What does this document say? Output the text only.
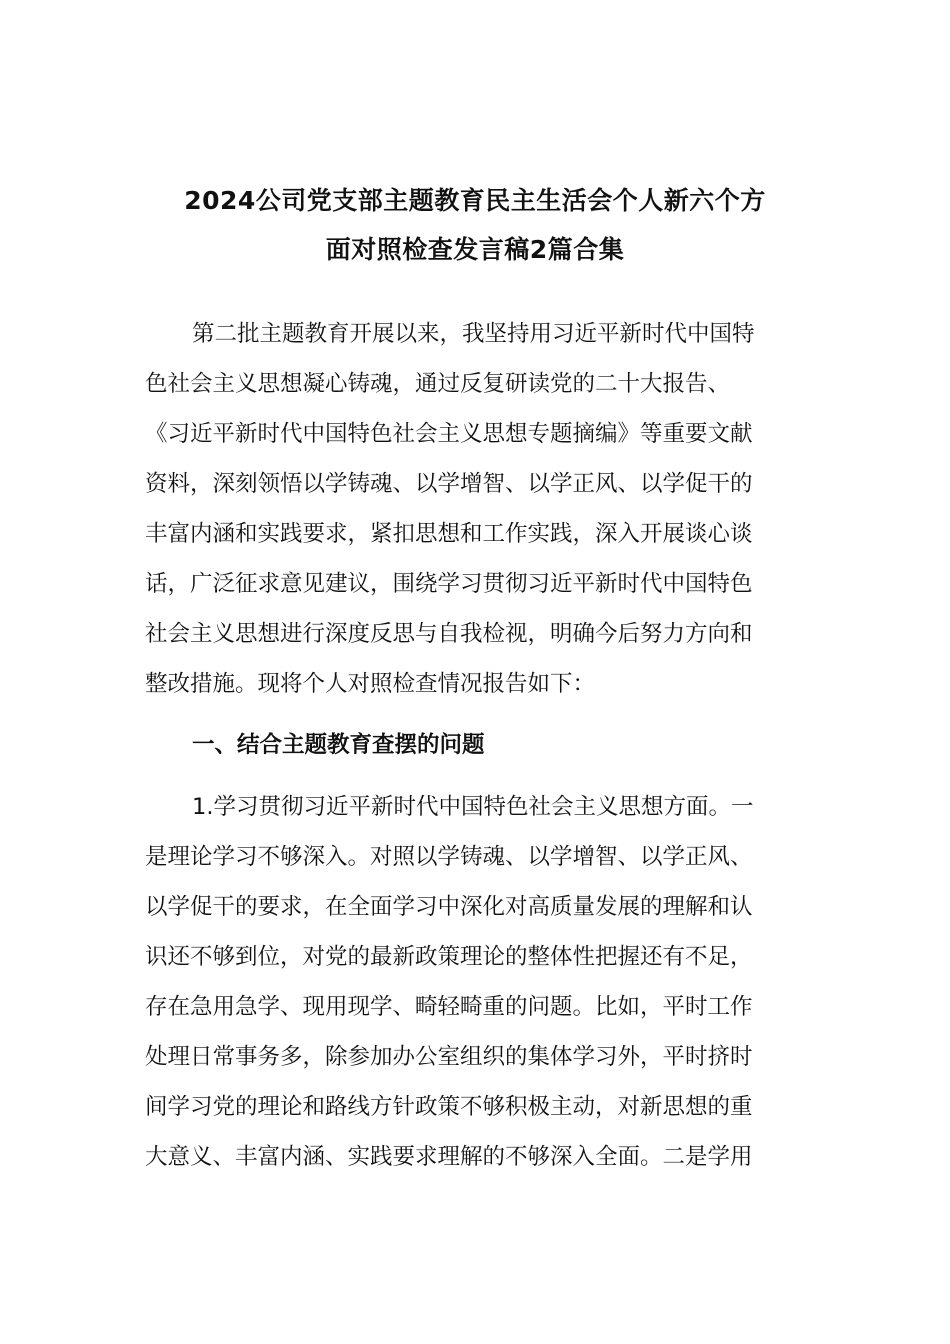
2024公司党支部主题教育民主生活会个人新六个方
面对照检查发言稿2篇合集
第二批主题教育开展以来，我坚持用习近平新时代中国特
色社会主义思想凝心铸魂，通过反复研读党的二十大报告、
《习近平新时代中国特色社会主义思想专题摘编》等重要文献
资料，深刻领悟以学铸魂、以学增智、以学正风、以学促干的
丰富内涵和实践要求，紧扣思想和工作实践，深入开展谈心谈
话，广泛征求意见建议，围绕学习贯彻习近平新时代中国特色
社会主义思想进行深度反思与自我检视，明确今后努力方向和
整改措施。现将个人对照检查情况报告如下：
一、结合主题教育查摆的问题
1.学习贯彻习近平新时代中国特色社会主义思想方面。一
是理论学习不够深入。对照以学铸魂、以学增智、以学正风、
以学促干的要求，在全面学习中深化对高质量发展的理解和认
识还不够到位，对党的最新政策理论的整体性把握还有不足，
存在急用急学、现用现学、畸轻畸重的问题。比如，平时工作
处理日常事务多，除参加办公室组织的集体学习外，平时挤时
间学习党的理论和路线方针政策不够积极主动，对新思想的重
大意义、丰富内涵、实践要求理解的不够深入全面。二是学用
